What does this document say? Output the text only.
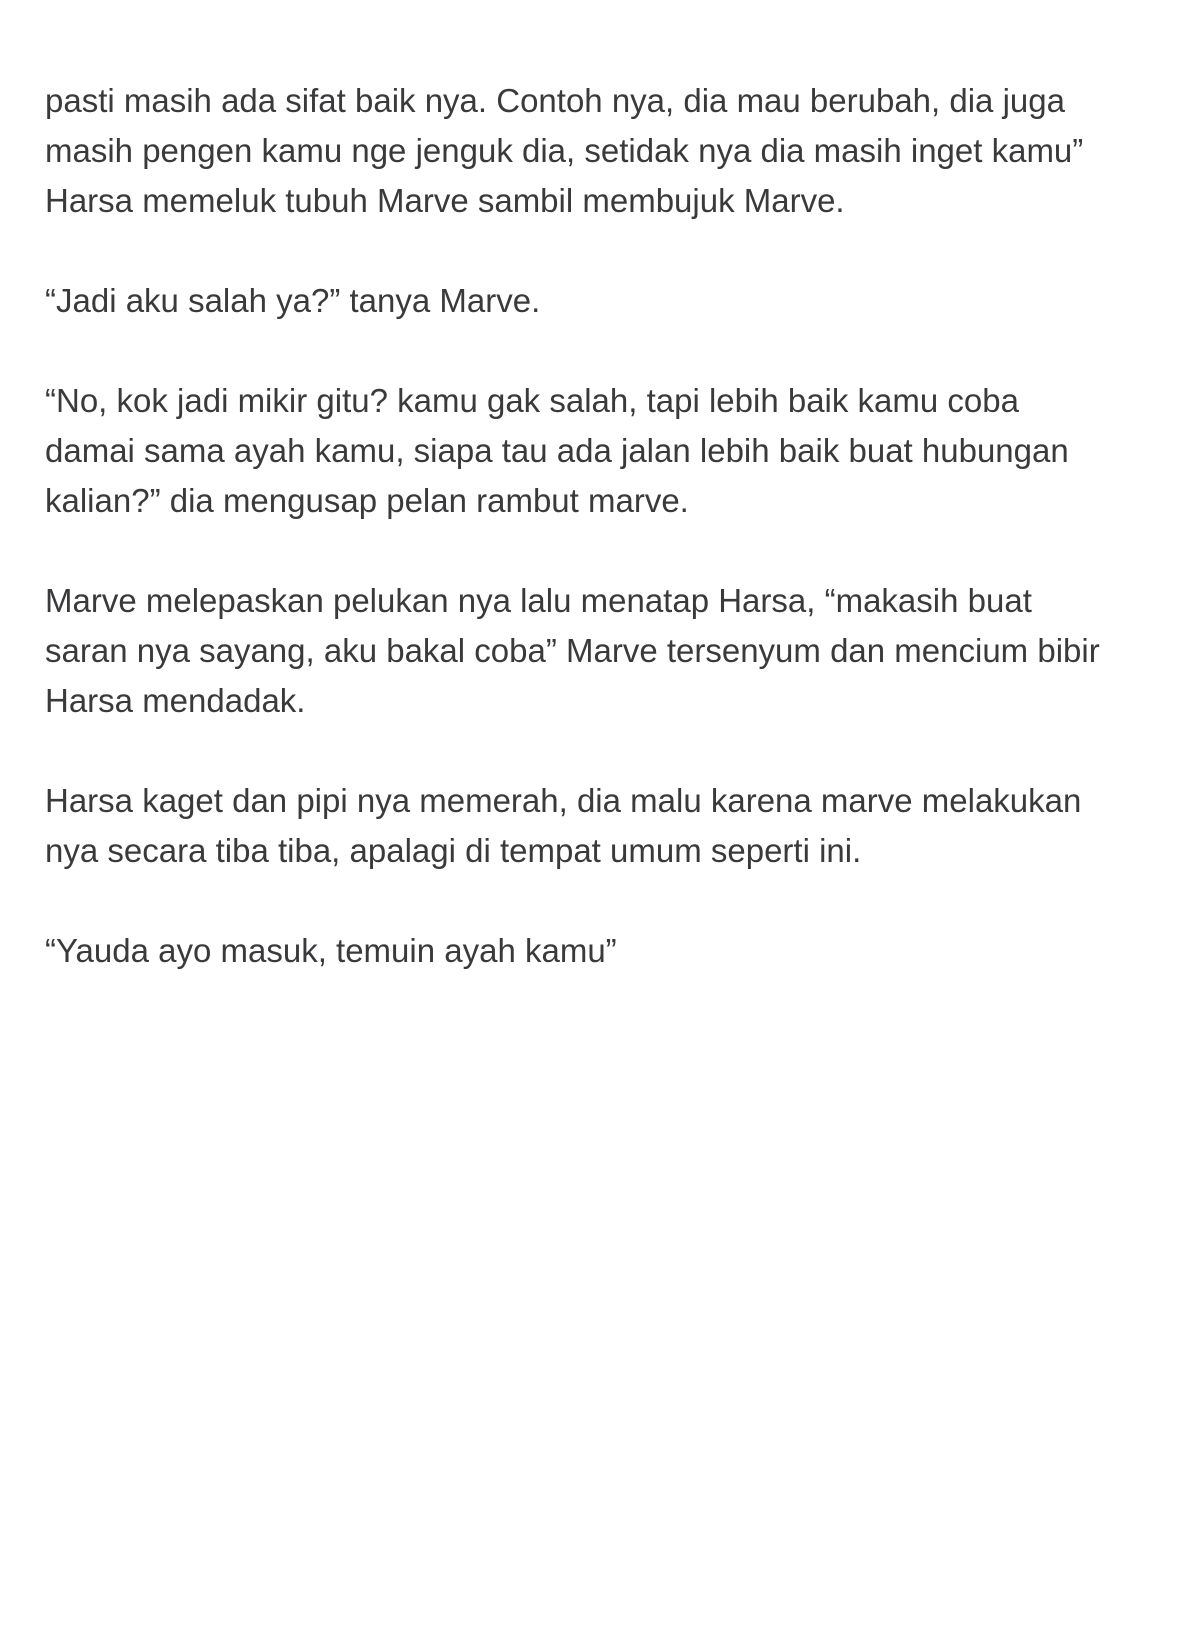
pasti masih ada sifat baik nya. Contoh nya, dia mau berubah, dia juga
masih pengen kamu nge jenguk dia, setidak nya dia masih inget kamu”
Harsa memeluk tubuh Marve sambil membujuk Marve.
“Jadi aku salah ya?” tanya Marve.
“No, kok jadi mikir gitu? kamu gak salah, tapi lebih baik kamu coba
damai sama ayah kamu, siapa tau ada jalan lebih baik buat hubungan
kalian?” dia mengusap pelan rambut marve.
Marve melepaskan pelukan nya lalu menatap Harsa, “makasih buat
saran nya sayang, aku bakal coba” Marve tersenyum dan mencium bibir
Harsa mendadak.
Harsa kaget dan pipi nya memerah, dia malu karena marve melakukan
nya secara tiba tiba, apalagi di tempat umum seperti ini.
“Yauda ayo masuk, temuin ayah kamu”
